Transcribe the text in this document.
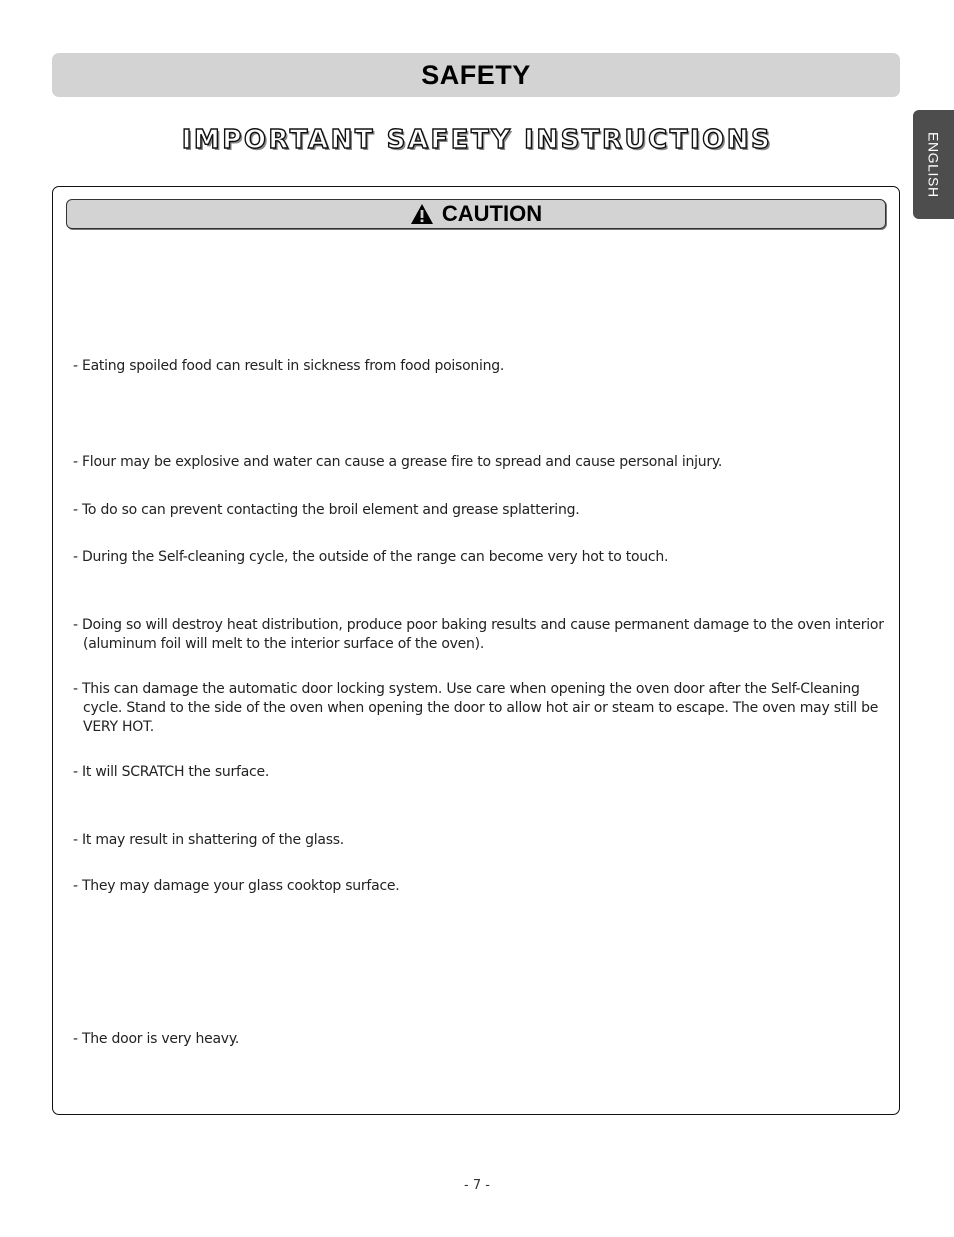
SAFETY
ENGLISH
IMPORTANT SAFETY INSTRUCTIONS
CAUTION
- Eating spoiled food can result in sickness from food poisoning.
- Flour may be explosive and water can cause a grease fire to spread and cause personal injury.
- To do so can prevent contacting the broil element and grease splattering.
- During the Self-cleaning cycle, the outside of the range can become very hot to touch.
- Doing so will destroy heat distribution, produce poor baking results and cause permanent damage to the oven interior (aluminum foil will melt to the interior surface of the oven).
- This can damage the automatic door locking system. Use care when opening the oven door after the Self-Cleaning cycle. Stand to the side of the oven when opening the door to allow hot air or steam to escape. The oven may still be VERY HOT.
- It will SCRATCH the surface.
- It may result in shattering of the glass.
- They may damage your glass cooktop surface.
- The door is very heavy.
- 7 -
